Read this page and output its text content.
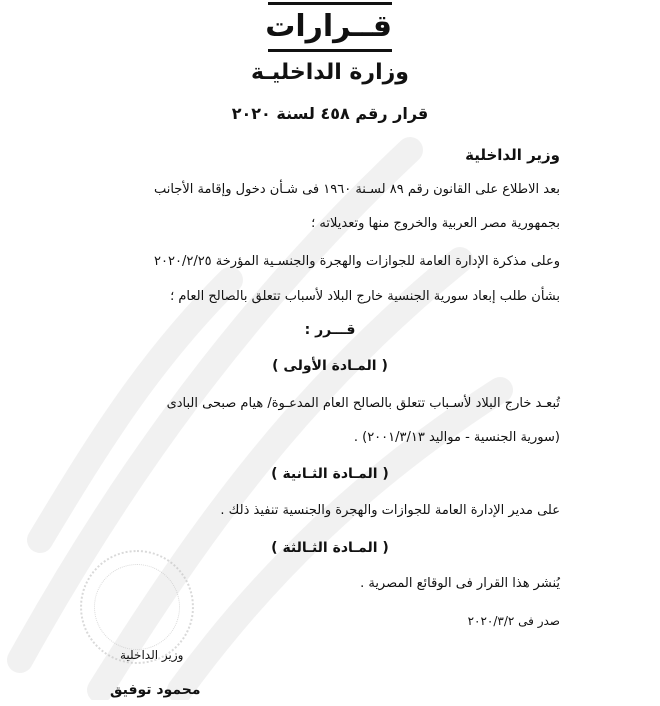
قــرارات
وزارة الداخليـة
قرار رقم ٤٥٨ لسنة ٢٠٢٠
وزير الداخلية
بعد الاطلاع على القانون رقم ٨٩ لسـنة ١٩٦٠ فى شـأن دخول وإقامة الأجانب
بجمهورية مصر العربية والخروج منها وتعديلاته ؛
وعلى مذكرة الإدارة العامة للجوازات والهجرة والجنسـية المؤرخة ٢٠٢٠/٢/٢٥
بشأن طلب إبعاد سورية الجنسية خارج البلاد لأسباب تتعلق بالصالح العام ؛
قـــرر :
( المـادة الأولى )
تُبعـد خارج البلاد لأسـباب تتعلق بالصالح العام المدعـوة/ هيام صبحى البادى
(سورية الجنسية - مواليد ٢٠٠١/٣/١٣) .
( المـادة الثـانية )
على مدير الإدارة العامة للجوازات والهجرة والجنسية تنفيذ ذلك .
( المـادة الثـالثة )
يُنشر هذا القرار فى الوقائع المصرية .
صدر فى ٢٠٢٠/٣/٢
وزير الداخلية
محمود توفيق
